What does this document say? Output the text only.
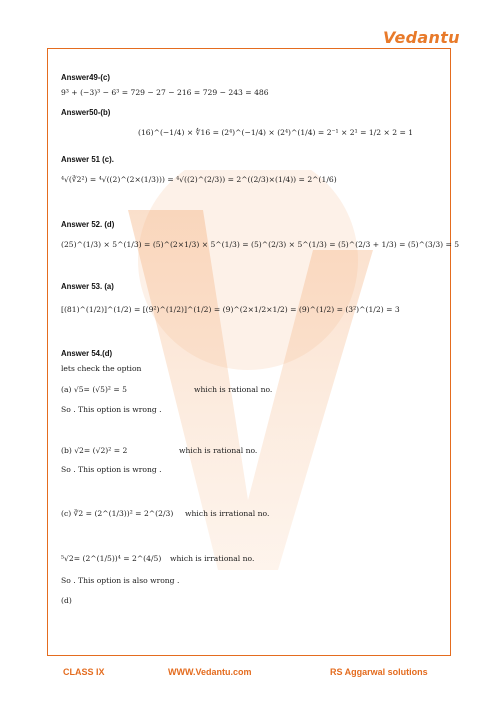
Vedantu
Answer49-(c)
9³ + (−3)³ − 6³ = 729 − 27 − 216 = 729 − 243 = 486
Answer50-(b)
(16)^(−1/4) × ∜16 = (2⁴)^(−1/4) × (2⁴)^(1/4) = 2⁻¹ × 2¹ = 1/2 × 2 = 1
Answer 51 (c).
⁴√(∛2²) = ⁴√((2)^(2×(1/3))) = ⁴√((2)^(2/3)) = 2^((2/3)×(1/4)) = 2^(1/6)
Answer 52. (d)
(25)^(1/3) × 5^(1/3) = (5)^(2×1/3) × 5^(1/3) = (5)^(2/3) × 5^(1/3) = (5)^(2/3 + 1/3) = (5)^(3/3) = 5
Answer 53. (a)
[(81)^(1/2)]^(1/2) = [(9²)^(1/2)]^(1/2) = (9)^(2×1/2×1/2) = (9)^(1/2) = (3²)^(1/2) = 3
Answer 54.(d)
lets check the option
(a) √5= (√5)² = 5	which is rational no.
So . This option is wrong .
(b) √2= (√2)² = 2	which is rational no.
So . This option is wrong .
(c) ∛2 = (2^(1/3))² = 2^(2/3) which is irrational no.
⁵√2= (2^(1/5))⁴ = 2^(4/5) which is irrational no.
So . This option is also wrong .
(d)
CLASS IX	WWW.Vedantu.com	RS Aggarwal solutions
